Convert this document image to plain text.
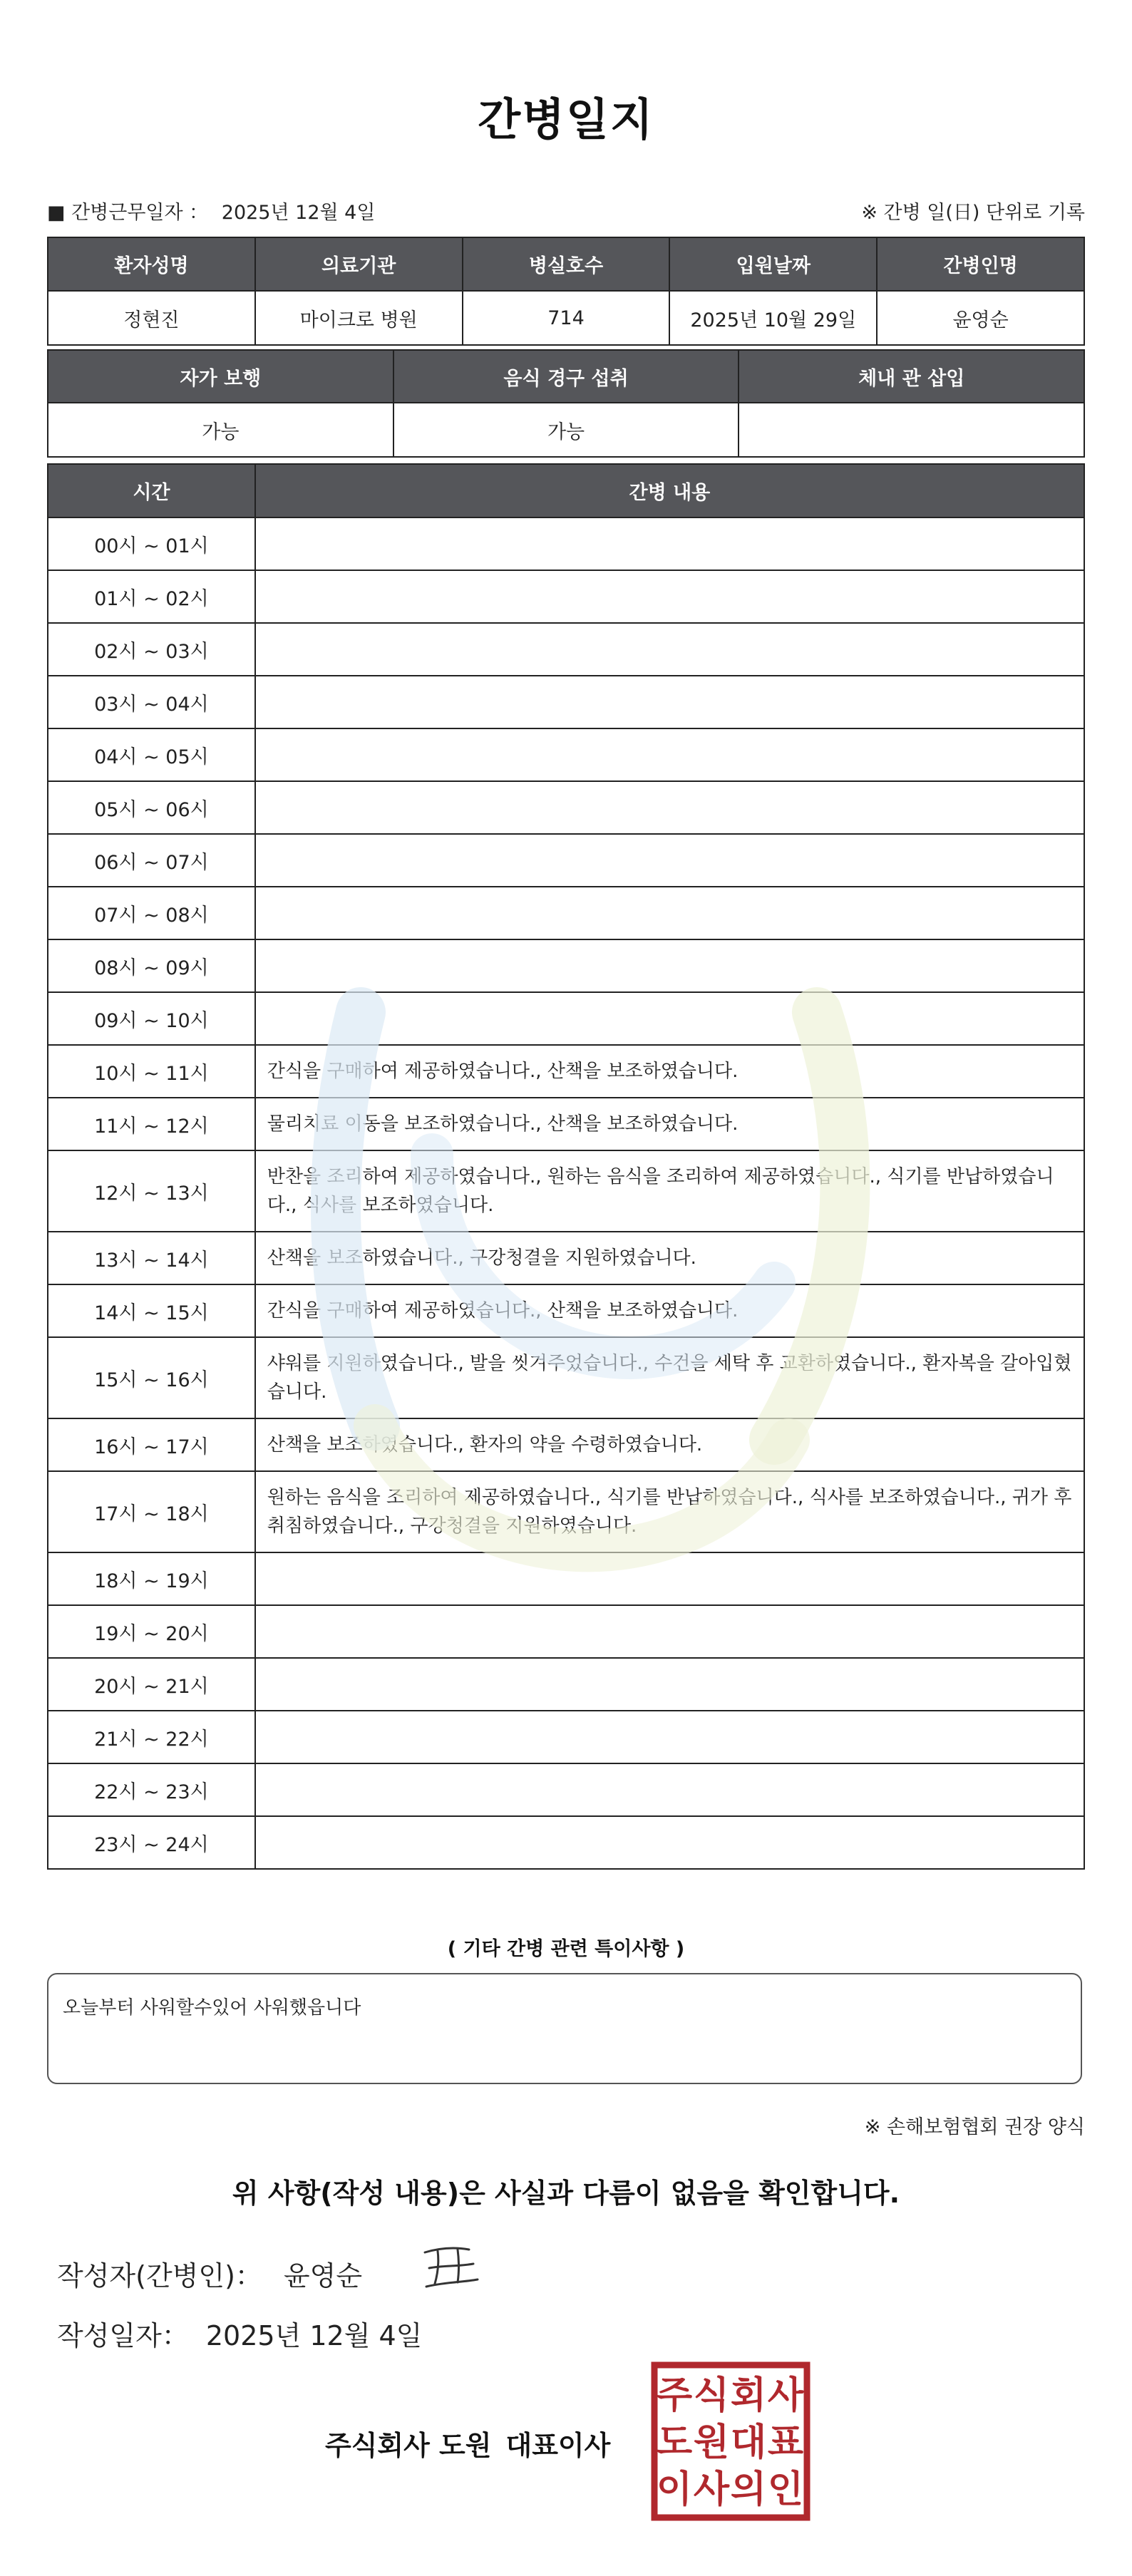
간병일지
■ 간병근무일자 ： 2025년 12월 4일	※ 간병 일(日) 단위로 기록
환자성명	의료기관	병실호수	입원날짜	간병인명
정현진	마이크로 병원	714	2025년 10월 29일	윤영순
자가 보행	음식 경구 섭취	체내 관 삽입
가능	가능	
시간	간병 내용
00시 ~ 01시	
01시 ~ 02시	
02시 ~ 03시	
03시 ~ 04시	
04시 ~ 05시	
05시 ~ 06시	
06시 ~ 07시	
07시 ~ 08시	
08시 ~ 09시	
09시 ~ 10시	
10시 ~ 11시	간식을 구매하여 제공하였습니다., 산책을 보조하였습니다.
11시 ~ 12시	물리치료 이동을 보조하였습니다., 산책을 보조하였습니다.
12시 ~ 13시	반찬을 조리하여 제공하였습니다., 원하는 음식을 조리하여 제공하였습니다., 식기를 반납하였습니다., 식사를 보조하였습니다.
13시 ~ 14시	산책을 보조하였습니다., 구강청결을 지원하였습니다.
14시 ~ 15시	간식을 구매하여 제공하였습니다., 산책을 보조하였습니다.
15시 ~ 16시	샤워를 지원하였습니다., 발을 씻겨주었습니다., 수건을 세탁 후 교환하였습니다., 환자복을 갈아입혔습니다.
16시 ~ 17시	산책을 보조하였습니다., 환자의 약을 수령하였습니다.
17시 ~ 18시	원하는 음식을 조리하여 제공하였습니다., 식기를 반납하였습니다., 식사를 보조하였습니다., 귀가 후 취침하였습니다., 구강청결을 지원하였습니다.
18시 ~ 19시	
19시 ~ 20시	
20시 ~ 21시	
21시 ~ 22시	
22시 ~ 23시	
23시 ~ 24시	
( 기타 간병 관련 특이사항 )
오늘부터 사워할수있어 사워했읍니다
※ 손해보험협회 권장 양식
위 사항(작성 내용)은 사실과 다름이 없음을 확인합니다.
작성자(간병인)： 윤영순
작성일자： 2025년 12월 4일
주식회사 도원 대표이사
주 식 회 사
도 원 대 표
이 사 의 인
